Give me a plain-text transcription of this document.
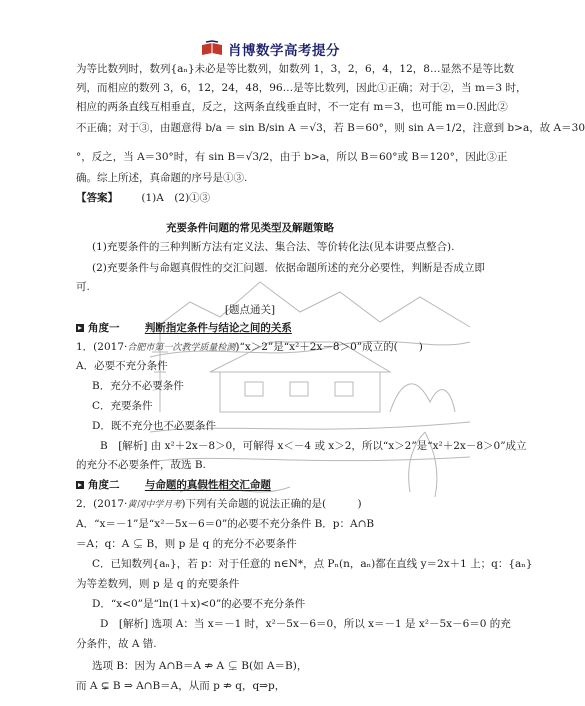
肖博数学高考提分
为等比数列时，数列{aₙ}未必是等比数列，如数列 1，3，2，6，4，12，8…显然不是等比数
列，而相应的数列 3，6，12，24，48，96…是等比数列，因此①正确；对于②，当 m＝3 时，
相应的两条直线互相垂直，反之，这两条直线垂直时，不一定有 m＝3，也可能 m＝0.因此②
不正确；对于③，由题意得 b/a ＝ sin B/sin A ＝√3，若 B＝60°，则 sin A＝1/2，注意到 b>a，故 A＝30
°，反之，当 A＝30°时，有 sin B＝√3/2，由于 b>a，所以 B＝60°或 B＝120°，因此③正
确。综上所述，真命题的序号是①③.
【答案】 (1)A　(2)①③
充要条件问题的常见类型及解题策略
(1)充要条件的三种判断方法有定义法、集合法、等价转化法(见本讲要点整合).
(2)充要条件与命题真假性的交汇问题．依据命题所述的充分必要性，判断是否成立即
可.
[题点通关]
角度一 判断指定条件与结论之间的关系
1．(2017·合肥市第一次教学质量检测)“x＞2”是“x²＋2x－8＞0”成立的(　　)
A．必要不充分条件
B．充分不必要条件
C．充要条件
D．既不充分也不必要条件
B　[解析] 由 x²＋2x－8＞0，可解得 x＜－4 或 x＞2，所以“x＞2”是“x²＋2x－8＞0”成立
的充分不必要条件，故选 B.
角度二 与命题的真假性相交汇命题
2．(2017·黄冈中学月考)下列有关命题的说法正确的是(　　　)
A．“x＝－1”是“x²－5x－6＝0”的必要不充分条件 B．p：A∩B
＝A；q：A ⊊ B，则 p 是 q 的充分不必要条件
C．已知数列{aₙ}，若 p：对于任意的 n∈N*，点 Pₙ(n，aₙ)都在直线 y＝2x＋1 上；q：{aₙ}
为等差数列，则 p 是 q 的充要条件
D．“x<0”是“ln(1＋x)<0”的必要不充分条件
D　[解析] 选项 A：当 x＝－1 时，x²－5x－6＝0，所以 x＝－1 是 x²－5x－6＝0 的充
分条件，故 A 错.
选项 B：因为 A∩B＝A ⇏ A ⊊ B(如 A＝B)，
而 A ⊊ B ⇒ A∩B＝A，从而 p ⇏ q，q⇒p，
